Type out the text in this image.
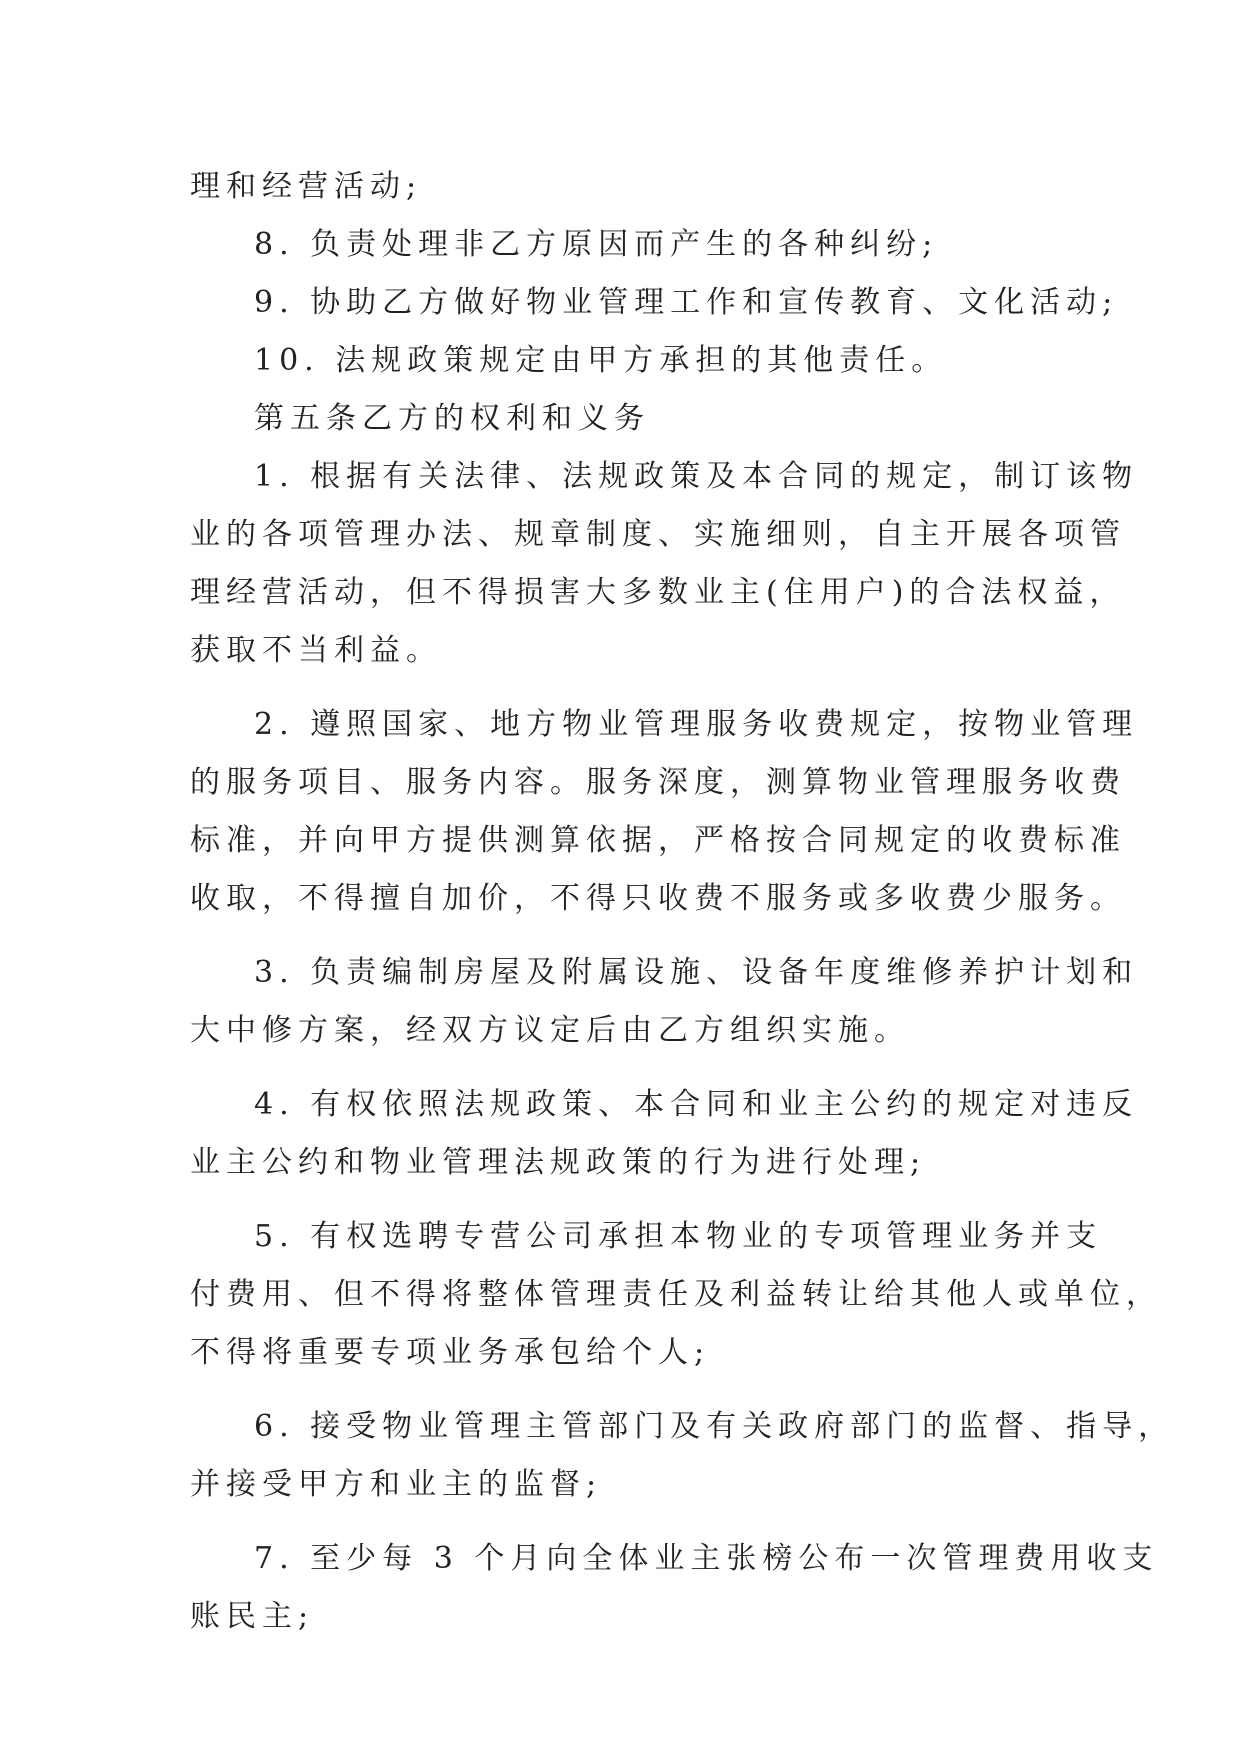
理和经营活动;
8. 负责处理非乙方原因而产生的各种纠纷;
9. 协助乙方做好物业管理工作和宣传教育、文化活动;
10. 法规政策规定由甲方承担的其他责任。
第五条乙方的权利和义务
1. 根据有关法律、法规政策及本合同的规定，制订该物
业的各项管理办法、规章制度、实施细则，自主开展各项管
理经营活动，但不得损害大多数业主(住用户)的合法权益，
获取不当利益。
2. 遵照国家、地方物业管理服务收费规定，按物业管理
的服务项目、服务内容。服务深度，测算物业管理服务收费
标准，并向甲方提供测算依据，严格按合同规定的收费标准
收取，不得擅自加价，不得只收费不服务或多收费少服务。
3. 负责编制房屋及附属设施、设备年度维修养护计划和
大中修方案，经双方议定后由乙方组织实施。
4. 有权依照法规政策、本合同和业主公约的规定对违反
业主公约和物业管理法规政策的行为进行处理;
5. 有权选聘专营公司承担本物业的专项管理业务并支
付费用、但不得将整体管理责任及利益转让给其他人或单位，
不得将重要专项业务承包给个人;
6. 接受物业管理主管部门及有关政府部门的监督、指导，
并接受甲方和业主的监督;
7. 至少每 3 个月向全体业主张榜公布一次管理费用收支
账民主;
